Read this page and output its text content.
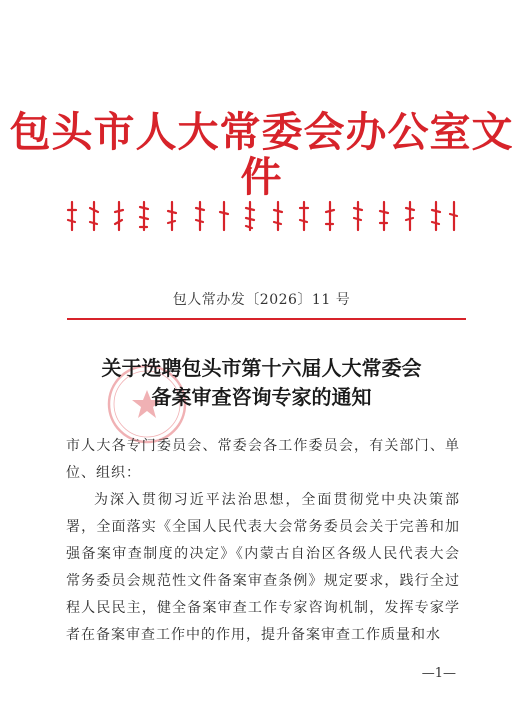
包头市人大常委会办公室文件
包人常办发〔2026〕11 号
关于选聘包头市第十六届人大常委会
备案审查咨询专家的通知

市人大各专门委员会、常委会各工作委员会，有关部门、单位、组织：

为深入贯彻习近平法治思想，全面贯彻党中央决策部署，全面落实《全国人民代表大会常务委员会关于完善和加强备案审查制度的决定》《内蒙古自治区各级人民代表大会常务委员会规范性文件备案审查条例》规定要求，践行全过程人民民主，健全备案审查工作专家咨询机制，发挥专家学者在备案审查工作中的作用，提升备案审查工作质量和水

—1—
